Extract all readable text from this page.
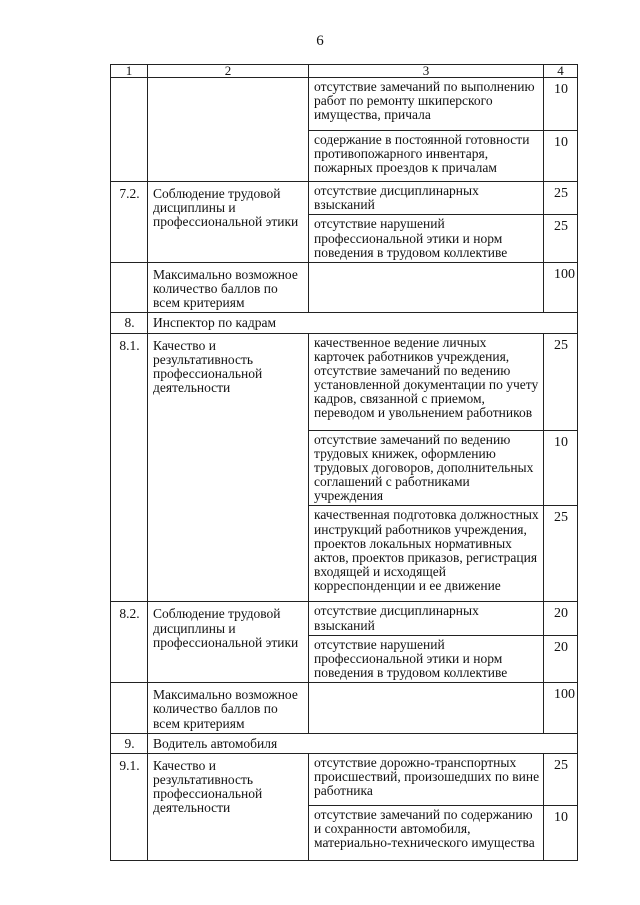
6
1	2	3	4
		отсутствие замечаний по выполнению работ по ремонту шкиперского имущества, причала	10
		содержание в постоянной готовности противопожарного инвентаря, пожарных проездов к причалам	10
7.2.	Соблюдение трудовой дисциплины и профессиональной этики	отсутствие дисциплинарных взысканий	25
		отсутствие нарушений профессиональной этики и норм поведения в трудовом коллективе	25
	Максимально возможное количество баллов по всем критериям		100
8.	Инспектор по кадрам		
8.1.	Качество и результативность профессиональной деятельности	качественное ведение личных карточек работников учреждения, отсутствие замечаний по ведению установленной документации по учету кадров, связанной с приемом, переводом и увольнением работников	25
		отсутствие замечаний по ведению трудовых книжек, оформлению трудовых договоров, дополнительных соглашений с работниками учреждения	10
		качественная подготовка должностных инструкций работников учреждения, проектов локальных нормативных актов, проектов приказов, регистрация входящей и исходящей корреспонденции и ее движение	25
8.2.	Соблюдение трудовой дисциплины и профессиональной этики	отсутствие дисциплинарных взысканий	20
		отсутствие нарушений профессиональной этики и норм поведения в трудовом коллективе	20
	Максимально возможное количество баллов по всем критериям		100
9.	Водитель автомобиля		
9.1.	Качество и результативность профессиональной деятельности	отсутствие дорожно-транспортных происшествий, произошедших по вине работника	25
		отсутствие замечаний по содержанию и сохранности автомобиля, материально-технического имущества	10
